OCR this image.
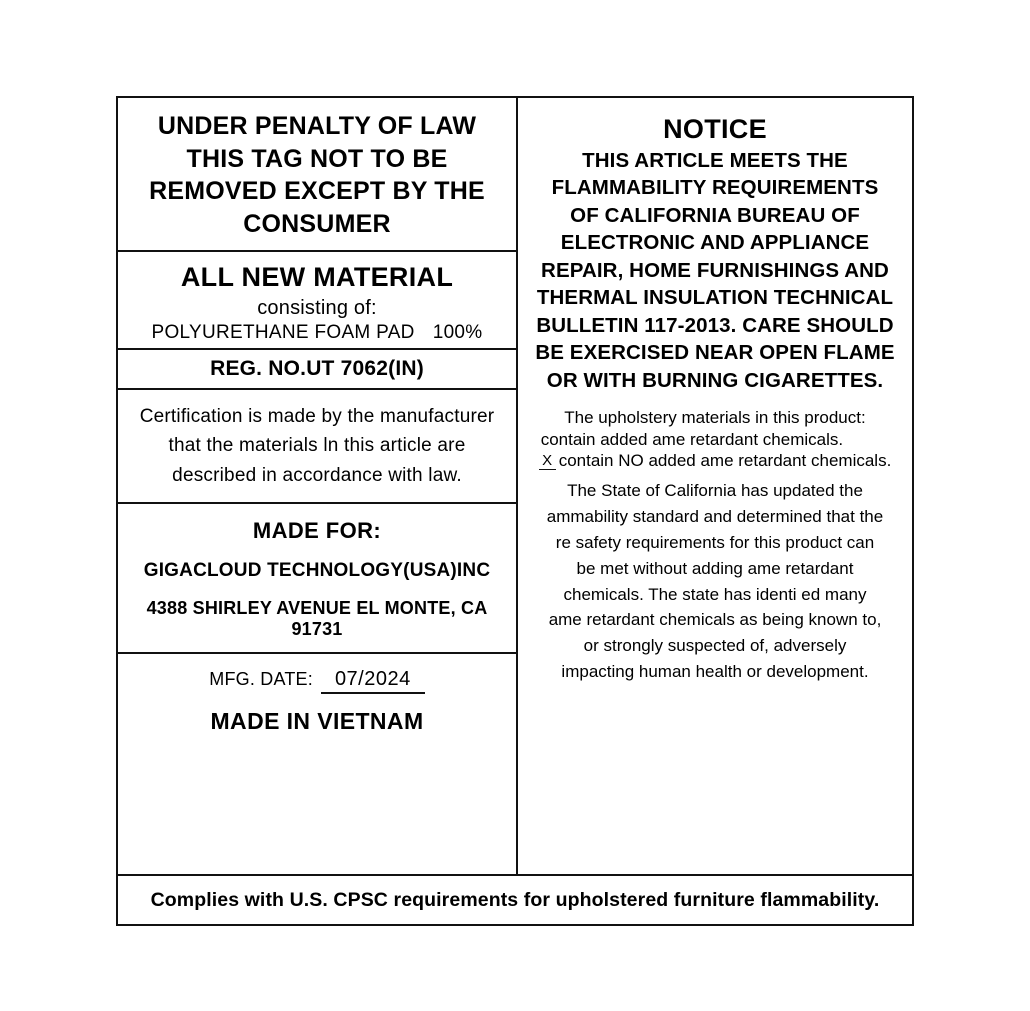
UNDER PENALTY OF LAW THIS TAG NOT TO BE REMOVED EXCEPT BY THE CONSUMER
ALL NEW MATERIAL
consisting of:
POLYURETHANE FOAM PAD 100%
REG. NO.UT 7062(IN)
Certification is made by the manufacturer that the materials ln this article are described in accordance with law.
MADE FOR:
GIGACLOUD TECHNOLOGY(USA)INC
4388 SHIRLEY AVENUE EL MONTE, CA 91731
MFG. DATE:	07/2024
MADE IN VIETNAM
NOTICE
THIS ARTICLE MEETS THE FLAMMABILITY REQUIREMENTS OF CALIFORNIA BUREAU OF ELECTRONIC AND APPLIANCE REPAIR, HOME FURNISHINGS AND THERMAL INSULATION TECHNICAL BULLETIN 117-2013. CARE SHOULD BE EXERCISED NEAR OPEN FLAME OR WITH BURNING CIGARETTES.
The upholstery materials in this product:
contain added ame retardant chemicals.
X contain NO added ame retardant chemicals.
The State of California has updated the ammability standard and determined that the re safety requirements for this product can be met without adding ame retardant chemicals. The state has identi ed many ame retardant chemicals as being known to, or strongly suspected of, adversely impacting human health or development.
Complies with U.S. CPSC requirements for upholstered furniture flammability.
